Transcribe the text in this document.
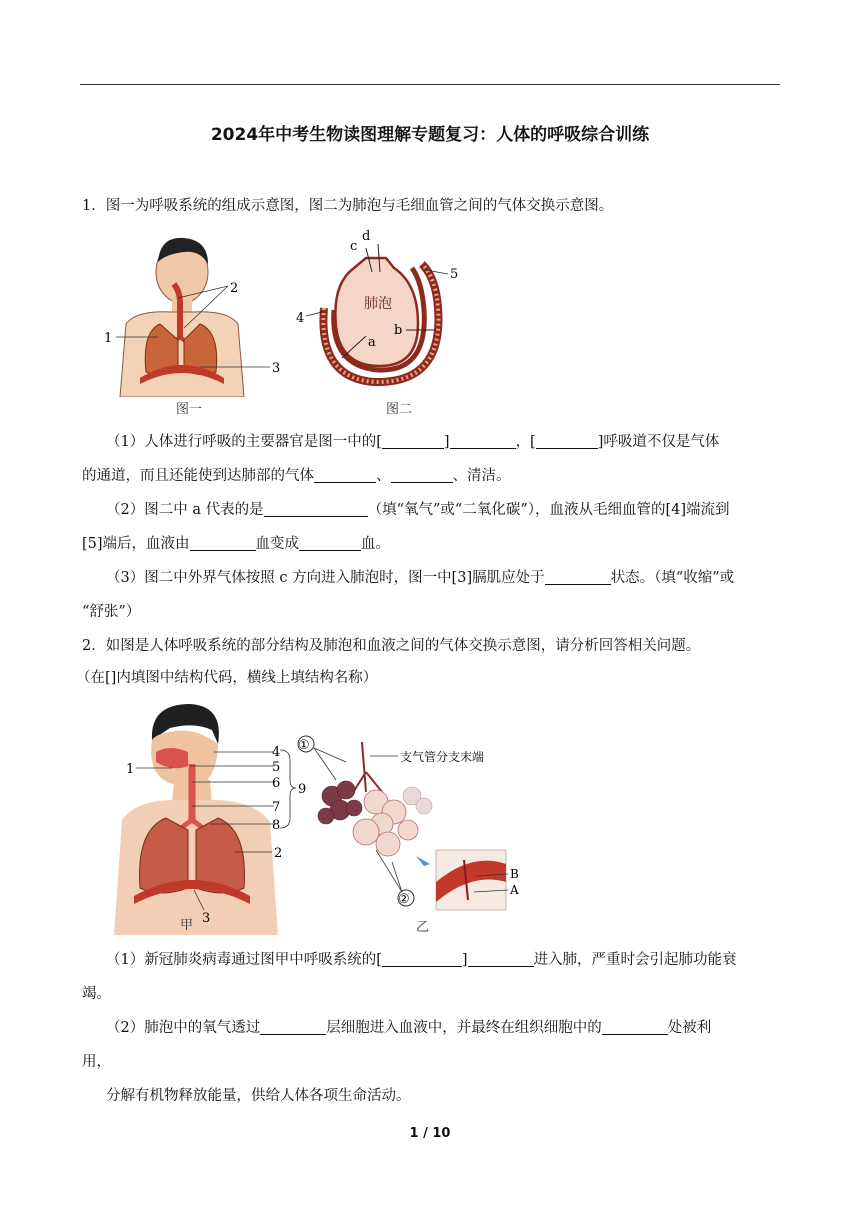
2024年中考生物读图理解专题复习：人体的呼吸综合训练
1．图一为呼吸系统的组成示意图，图二为肺泡与毛细血管之间的气体交换示意图。
1
2
3
图一
c
d
肺泡
a
b
4
5
图二
（1）人体进行呼吸的主要器官是图一中的[	]	，[	]呼吸道不仅是气体
的通道，而且还能使到达肺部的气体	、	、清洁。
（2）图二中 a 代表的是	（填“氧气”或“二氧化碳”），血液从毛细血管的[4]端流到
[5]端后，血液由	血变成	血。
（3）图二中外界气体按照 c 方向进入肺泡时，图一中[3]膈肌应处于	状态。（填“收缩”或
“舒张”）
2．如图是人体呼吸系统的部分结构及肺泡和血液之间的气体交换示意图，请分析回答相关问题。
（在[]内填图中结构代码，横线上填结构名称）
1
2
3
4
5
6
7
8
9
甲
①
支气管分支末端
②
B
A
乙
（1）新冠肺炎病毒通过图甲中呼吸系统的[	]	进入肺，严重时会引起肺功能衰
竭。
（2）肺泡中的氧气透过	层细胞进入血液中，并最终在组织细胞中的	处被利
用，
分解有机物释放能量，供给人体各项生命活动。
1 / 10
